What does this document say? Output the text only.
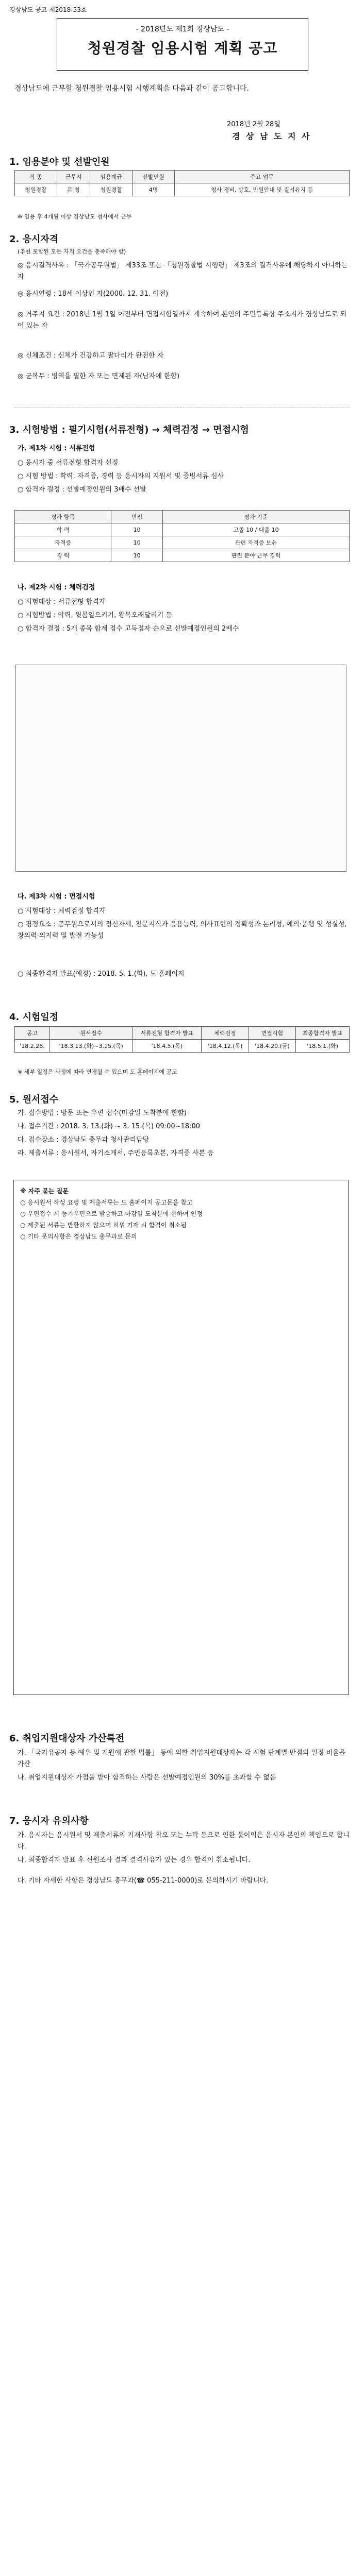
경상남도 공고 제2018-53호
- 2018년도 제1회 경상남도 -
청원경찰 임용시험 계획 공고
경상남도에 근무할 청원경찰 임용시험 시행계획을 다음과 같이 공고합니다.
2018년 2월 28일
경 상 남 도 지 사
1. 임용분야 및 선발인원
직 종	근무지	임용계급	선발인원	주요 업무
청원경찰	본 청	청원경찰	4명	청사 경비, 방호, 민원안내 및 질서유지 등
※ 임용 후 4개월 이상 경상남도 청사에서 근무
2. 응시자격
(추천 포함된 모든 자격 요건을 충족해야 함)
◎ 응시결격사유 : 「국가공무원법」 제33조 또는 「청원경찰법 시행령」 제3조의 결격사유에 해당하지 아니하는 자
◎ 응시연령 : 18세 이상인 자(2000. 12. 31. 이전)
◎ 거주지 요건 : 2018년 1월 1일 이전부터 면접시험일까지 계속하여 본인의 주민등록상 주소지가 경상남도로 되어 있는 자
◎ 신체조건 : 신체가 건강하고 팔다리가 완전한 자
◎ 군복무 : 병역을 필한 자 또는 면제된 자(남자에 한함)
3. 시험방법 : 필기시험(서류전형) → 체력검정 → 면접시험
가. 제1차 시험 : 서류전형
○ 응시자 중 서류전형 합격자 선정
○ 시험 방법 : 학력, 자격증, 경력 등 응시자의 지원서 및 증빙서류 심사
○ 합격자 결정 : 선발예정인원의 3배수 선발
평가 항목	만점	평가 기준
학 력	10	고졸 10 / 대졸 10
자격증	10	관련 자격증 보유
경 력	10	관련 분야 근무 경력
나. 제2차 시험 : 체력검정
○ 시험대상 : 서류전형 합격자
○ 시험방법 : 악력, 윗몸일으키기, 왕복오래달리기 등
○ 합격자 결정 : 5개 종목 합계 점수 고득점자 순으로 선발예정인원의 2배수
다. 제3차 시험 : 면접시험
○ 시험대상 : 체력검정 합격자
○ 평정요소 : 공무원으로서의 정신자세, 전문지식과 응용능력, 의사표현의 정확성과 논리성, 예의·품행 및 성실성, 창의력·의지력 및 발전 가능성
○ 최종합격자 발표(예정) : 2018. 5. 1.(화), 도 홈페이지
4. 시험일정
공고	원서접수	서류전형 합격자 발표	체력검정	면접시험	최종합격자 발표
'18.2.28.	'18.3.13.(화)~3.15.(목)	'18.4.5.(목)	'18.4.12.(목)	'18.4.20.(금)	'18.5.1.(화)
※ 세부 일정은 사정에 따라 변경될 수 있으며 도 홈페이지에 공고
5. 원서접수
가. 접수방법 : 방문 또는 우편 접수(마감일 도착분에 한함)
나. 접수기간 : 2018. 3. 13.(화) ~ 3. 15.(목) 09:00~18:00
다. 접수장소 : 경상남도 총무과 청사관리담당
라. 제출서류 : 응시원서, 자기소개서, 주민등록초본, 자격증 사본 등
※ 자주 묻는 질문
○ 응시원서 작성 요령 및 제출서류는 도 홈페이지 공고문을 참고
○ 우편접수 시 등기우편으로 발송하고 마감일 도착분에 한하여 인정
○ 제출된 서류는 반환하지 않으며 허위 기재 시 합격이 취소됨
○ 기타 문의사항은 경상남도 총무과로 문의
6. 취업지원대상자 가산특전
가. 「국가유공자 등 예우 및 지원에 관한 법률」 등에 의한 취업지원대상자는 각 시험 단계별 만점의 일정 비율을 가산
나. 취업지원대상자 가점을 받아 합격하는 사람은 선발예정인원의 30%를 초과할 수 없음
7. 응시자 유의사항
가. 응시자는 응시원서 및 제출서류의 기재사항 착오 또는 누락 등으로 인한 불이익은 응시자 본인의 책임으로 합니다.
나. 최종합격자 발표 후 신원조사 결과 결격사유가 있는 경우 합격이 취소됩니다.
다. 기타 자세한 사항은 경상남도 총무과(☎ 055-211-0000)로 문의하시기 바랍니다.
